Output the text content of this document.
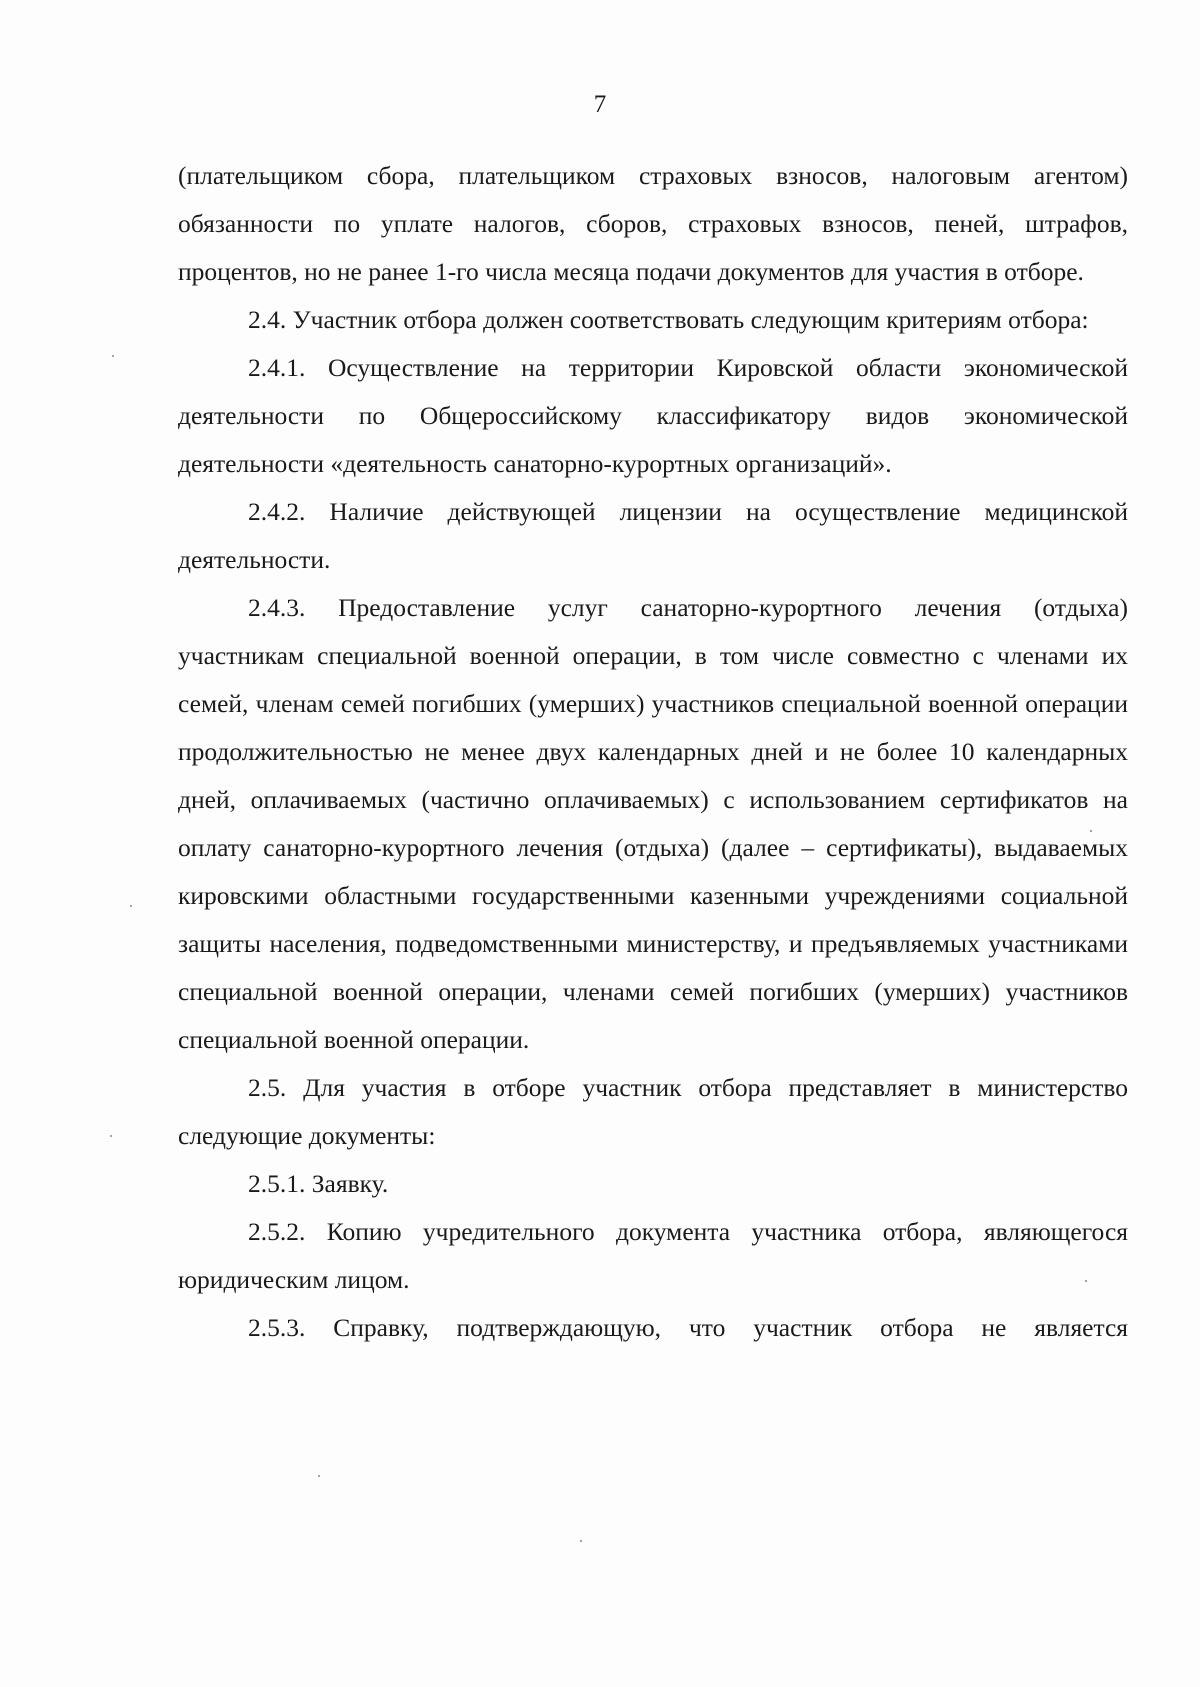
7

(плательщиком сбора, плательщиком страховых взносов, налоговым агентом) обязанности по уплате налогов, сборов, страховых взносов, пеней, штрафов, процентов, но не ранее 1-го числа месяца подачи документов для участия в отборе.

2.4. Участник отбора должен соответствовать следующим критериям отбора:

2.4.1. Осуществление на территории Кировской области экономической деятельности по Общероссийскому классификатору видов экономической деятельности «деятельность санаторно-курортных организаций».

2.4.2. Наличие действующей лицензии на осуществление медицинской деятельности.

2.4.3. Предоставление услуг санаторно-курортного лечения (отдыха) участникам специальной военной операции, в том числе совместно с членами их семей, членам семей погибших (умерших) участников специальной военной операции продолжительностью не менее двух календарных дней и не более 10 календарных дней, оплачиваемых (частично оплачиваемых) с использованием сертификатов на оплату санаторно-курортного лечения (отдыха) (далее – сертификаты), выдаваемых кировскими областными государственными казенными учреждениями социальной защиты населения, подведомственными министерству, и предъявляемых участниками специальной военной операции, членами семей погибших (умерших) участников специальной военной операции.

2.5. Для участия в отборе участник отбора представляет в министерство следующие документы:

2.5.1. Заявку.

2.5.2. Копию учредительного документа участника отбора, являющегося юридическим лицом.

2.5.3. Справку, подтверждающую, что участник отбора не является
